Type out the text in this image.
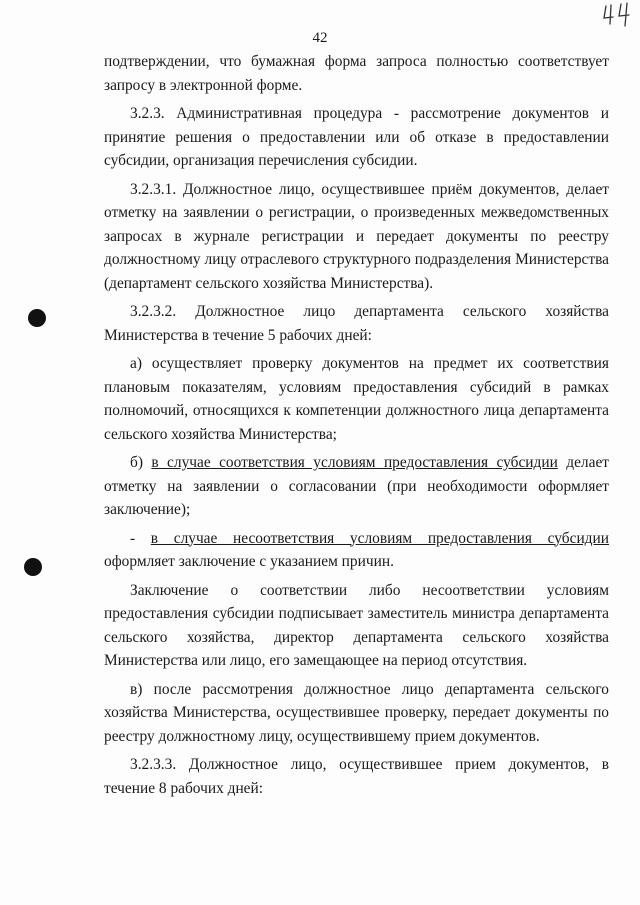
42

подтверждении, что бумажная форма запроса полностью соответствует запросу в электронной форме.

3.2.3. Административная процедура - рассмотрение документов и принятие решения о предоставлении или об отказе в предоставлении субсидии, организация перечисления субсидии.

3.2.3.1. Должностное лицо, осуществившее приём документов, делает отметку на заявлении о регистрации, о произведенных межведомственных запросах в журнале регистрации и передает документы по реестру должностному лицу отраслевого структурного подразделения Министерства (департамент сельского хозяйства Министерства).

3.2.3.2. Должностное лицо департамента сельского хозяйства Министерства в течение 5 рабочих дней:

а) осуществляет проверку документов на предмет их соответствия плановым показателям, условиям предоставления субсидий в рамках полномочий, относящихся к компетенции должностного лица департамента сельского хозяйства Министерства;

б) в случае соответствия условиям предоставления субсидии делает отметку на заявлении о согласовании (при необходимости оформляет заключение);

- в случае несоответствия условиям предоставления субсидии оформляет заключение с указанием причин.

Заключение о соответствии либо несоответствии условиям предоставления субсидии подписывает заместитель министра департамента сельского хозяйства, директор департамента сельского хозяйства Министерства или лицо, его замещающее на период отсутствия.

в) после рассмотрения должностное лицо департамента сельского хозяйства Министерства, осуществившее проверку, передает документы по реестру должностному лицу, осуществившему прием документов.

3.2.3.3. Должностное лицо, осуществившее прием документов, в течение 8 рабочих дней:
